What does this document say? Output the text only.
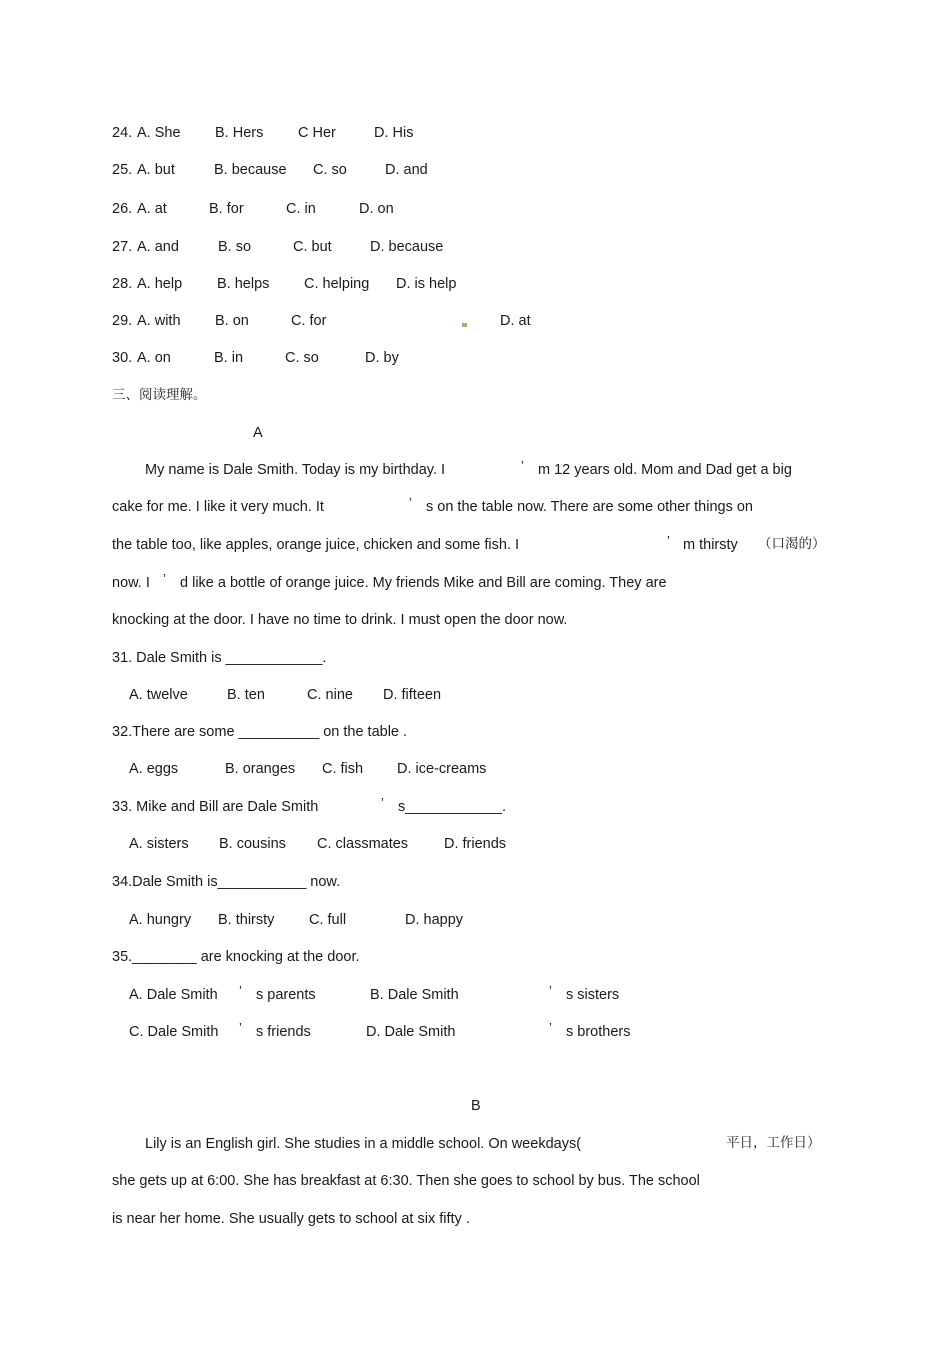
24. A. She B. Hers C Her	D. His
25. A. but	B. because C. so	D. and
26. A. at	B. for	C. in	D. on
27. A. and	B. so	C. but	D. because
28. A. help B. helps C. helping D. is help
29. A. with B. on	C. for	D. at
30. A. on	B. in	C. so	D. by
三、阅读理解。
A
My name is Dale Smith. Today is my birthday. I	’ m 12 years old. Mom and Dad get a big
cake for me. I like it very much. It	’ s on the table now. There are some other things on
the table too, like apples, orange juice, chicken and some fish. I	’ m thirsty （口渴的）
now. I ’ d like a bottle of orange juice. My friends Mike and Bill are coming. They are
knocking at the door. I have no time to drink. I must open the door now.
31. Dale Smith is ____________.
A. twelve	B. ten	C. nine D. fifteen
32.There are some __________ on the table .
A. eggs	B. oranges C. fish D. ice-creams
33. Mike and Bill are Dale Smith	’ s____________.
A. sisters B. cousins C. classmates D. friends
34.Dale Smith is___________ now.
A. hungry B. thirsty C. full	D. happy
35.________ are knocking at the door.
A. Dale Smith ’ s parents	B. Dale Smith	’ s sisters
C. Dale Smith ’ s friends	D. Dale Smith	’ s brothers
B
Lily is an English girl. She studies in a middle school. On weekdays(	平日，工作日）
she gets up at 6:00. She has breakfast at 6:30. Then she goes to school by bus. The school
is near her home. She usually gets to school at six fifty .
